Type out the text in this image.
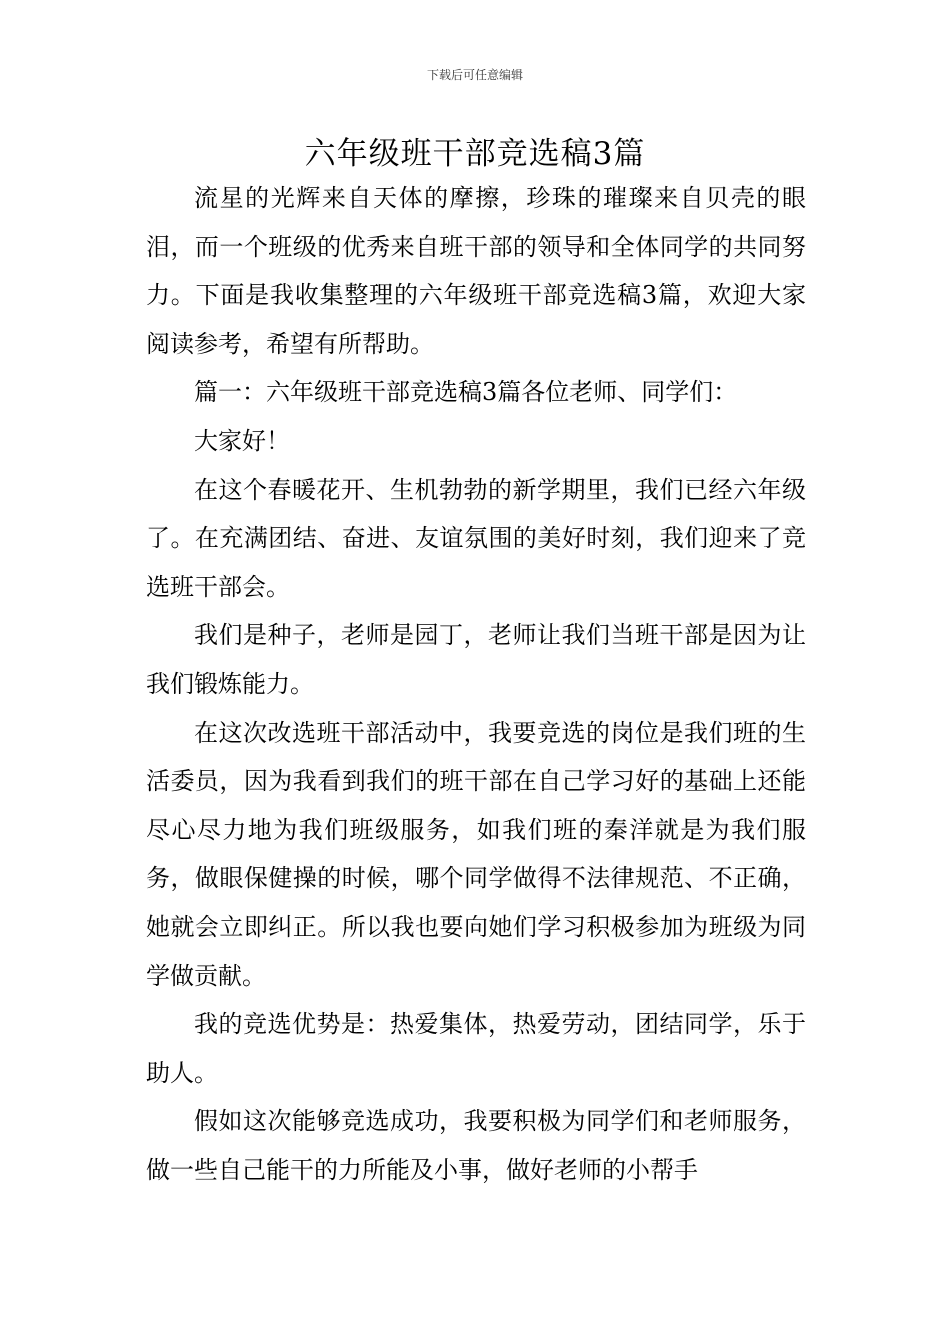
下载后可任意编辑
六年级班干部竞选稿3篇

流星的光辉来自天体的摩擦，珍珠的璀璨来自贝壳的眼泪，而一个班级的优秀来自班干部的领导和全体同学的共同努力。下面是我收集整理的六年级班干部竞选稿3篇，欢迎大家阅读参考，希望有所帮助。

篇一：六年级班干部竞选稿3篇各位老师、同学们：

大家好！

在这个春暖花开、生机勃勃的新学期里，我们已经六年级了。在充满团结、奋进、友谊氛围的美好时刻，我们迎来了竞选班干部会。

我们是种子，老师是园丁，老师让我们当班干部是因为让我们锻炼能力。

在这次改选班干部活动中，我要竞选的岗位是我们班的生活委员，因为我看到我们的班干部在自己学习好的基础上还能尽心尽力地为我们班级服务，如我们班的秦洋就是为我们服务，做眼保健操的时候，哪个同学做得不法律规范、不正确，她就会立即纠正。所以我也要向她们学习积极参加为班级为同学做贡献。

我的竞选优势是：热爱集体，热爱劳动，团结同学，乐于助人。

假如这次能够竞选成功，我要积极为同学们和老师服务，做一些自己能干的力所能及小事，做好老师的小帮手
